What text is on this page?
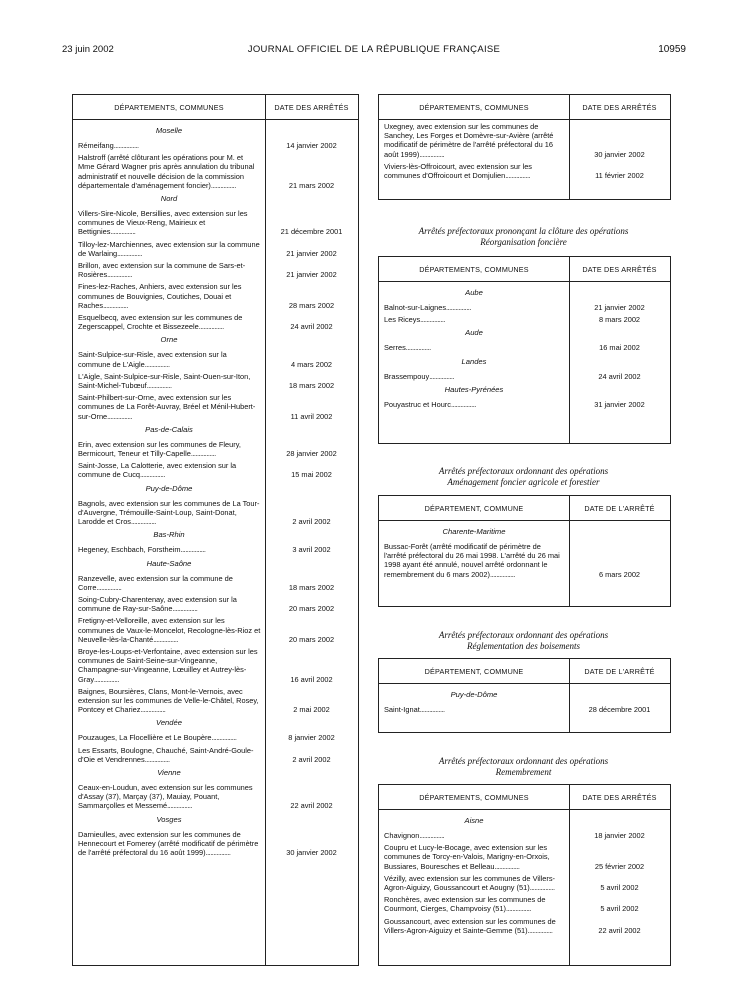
23 juin 2002	JOURNAL OFFICIEL DE LA RÉPUBLIQUE FRANÇAISE	10959
DÉPARTEMENTS, COMMUNES	DATE DES ARRÊTÉS
Moselle
Rémeifang................	14 janvier 2002
Halstroff (arrêté clôturant les opérations pour M. et Mme Gérard Wagner pris après annulation du tribunal administratif et nouvelle décision de la commission départementale d'aménagement foncier)................	21 mars 2002
Nord
Villers-Sire-Nicole, Bersillies, avec extension sur les communes de Vieux-Reng, Mairieux et Bettignies................	21 décembre 2001
Tilloy-lez-Marchiennes, avec extension sur la commune de Warlaing................	21 janvier 2002
Brillon, avec extension sur la commune de Sars-et-Rosières................	21 janvier 2002
Fines-lez-Raches, Anhiers, avec extension sur les communes de Bouvignies, Coutiches, Douai et Raches................	28 mars 2002
Esquelbecq, avec extension sur les communes de Zegerscappel, Crochte et Bissezeele................	24 avril 2002
Orne
Saint-Sulpice-sur-Risle, avec extension sur la commune de L'Aigle................	4 mars 2002
L'Aigle, Saint-Sulpice-sur-Risle, Saint-Ouen-sur-Iton, Saint-Michel-Tubœuf................	18 mars 2002
Saint-Philbert-sur-Orne, avec extension sur les communes de La Forêt-Auvray, Bréel et Ménil-Hubert-sur-Orne................	11 avril 2002
Pas-de-Calais
Erin, avec extension sur les communes de Fleury, Bermicourt, Teneur et Tilly-Capelle................	28 janvier 2002
Saint-Josse, La Calotterie, avec extension sur la commune de Cucq................	15 mai 2002
Puy-de-Dôme
Bagnols, avec extension sur les communes de La Tour-d'Auvergne, Trémouille-Saint-Loup, Saint-Donat, Larodde et Cros................	2 avril 2002
Bas-Rhin
Hegeney, Eschbach, Forstheim................	3 avril 2002
Haute-Saône
Ranzevelle, avec extension sur la commune de Corre................	18 mars 2002
Soing-Cubry-Charentenay, avec extension sur la commune de Ray-sur-Saône................	20 mars 2002
Fretigny-et-Velloreille, avec extension sur les communes de Vaux-le-Moncelot, Recologne-lès-Rioz et Neuvelle-lès-la-Chanté................	20 mars 2002
Broye-les-Loups-et-Verfontaine, avec extension sur les communes de Saint-Seine-sur-Vingeanne, Champagne-sur-Vingeanne, Lœuilley et Autrey-lès-Gray................	16 avril 2002
Baignes, Boursières, Clans, Mont-le-Vernois, avec extension sur les communes de Velle-le-Châtel, Rosey, Pontcey et Chariez................	2 mai 2002
Vendée
Pouzauges, La Flocellière et Le Boupère................	8 janvier 2002
Les Essarts, Boulogne, Chauché, Saint-André-Goule-d'Oie et Vendrennes................	2 avril 2002
Vienne
Ceaux-en-Loudun, avec extension sur les communes d'Assay (37), Marçay (37), Mauiay, Pouant, Sammarçolles et Messemé................	22 avril 2002
Vosges
Darnieulles, avec extension sur les communes de Hennecourt et Fomerey (arrêté modificatif de périmètre de l'arrêté préfectoral du 16 août 1999)................	30 janvier 2002
DÉPARTEMENTS, COMMUNES	DATE DES ARRÊTÉS
Uxegney, avec extension sur les communes de Sanchey, Les Forges et Domèvre-sur-Avière (arrêté modificatif de périmètre de l'arrêté préfectoral du 16 août 1999)................	30 janvier 2002
Viviers-lès-Offroicourt, avec extension sur les communes d'Offroicourt et Domjulien................	11 février 2002
Arrêtés préfectoraux prononçant la clôture des opérations
Réorganisation foncière
DÉPARTEMENTS, COMMUNES	DATE DES ARRÊTÉS
Aube
Balnot-sur-Laignes................	21 janvier 2002
Les Riceys................	8 mars 2002
Aude
Serres................	16 mai 2002
Landes
Brassempouy................	24 avril 2002
Hautes-Pyrénées
Pouyastruc et Hourc................	31 janvier 2002
Arrêtés préfectoraux ordonnant des opérations
Aménagement foncier agricole et forestier
DÉPARTEMENT, COMMUNE	DATE DE L'ARRÊTÉ
Charente-Maritime
Bussac-Forêt (arrêté modificatif de périmètre de l'arrêté préfectoral du 26 mai 1998. L'arrêté du 26 mai 1998 ayant été annulé, nouvel arrêté ordonnant le remembrement du 6 mars 2002)................	6 mars 2002
Arrêtés préfectoraux ordonnant des opérations
Réglementation des boisements
DÉPARTEMENT, COMMUNE	DATE DE L'ARRÊTÉ
Puy-de-Dôme
Saint-Ignat................	28 décembre 2001
Arrêtés préfectoraux ordonnant des opérations
Remembrement
DÉPARTEMENTS, COMMUNES	DATE DES ARRÊTÉS
Aisne
Chavignon................	18 janvier 2002
Coupru et Lucy-le-Bocage, avec extension sur les communes de Torcy-en-Valois, Marigny-en-Orxois, Bussiares, Bouresches et Belleau................	25 février 2002
Vézilly, avec extension sur les communes de Villers-Agron-Aiguizy, Goussancourt et Aougny (51)................	5 avril 2002
Ronchères, avec extension sur les communes de Courmont, Cierges, Champvoisy (51)................	5 avril 2002
Goussancourt, avec extension sur les communes de Villers-Agron-Aiguizy et Sainte-Gemme (51)................	22 avril 2002
